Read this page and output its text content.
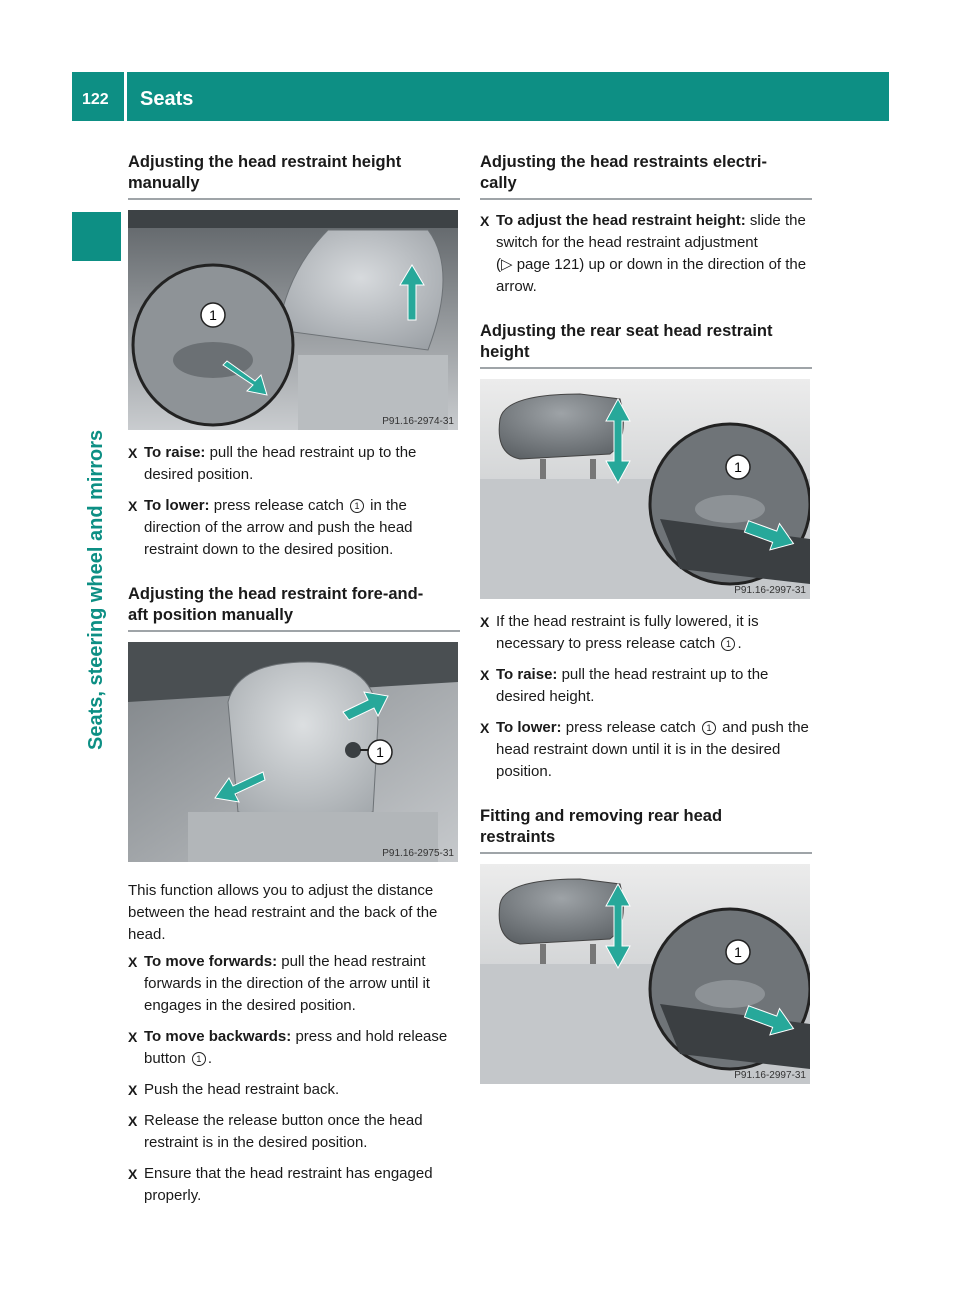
122 Seats
Seats, steering wheel and mirrors
Adjusting the head restraint height
manually
1
P91.16-2974-31
X To raise: pull the head restraint up to the desired position.
X To lower: press release catch 1 in the direction of the arrow and push the head restraint down to the desired position.
Adjusting the head restraint fore-and-
aft position manually
1
P91.16-2975-31

This function allows you to adjust the distance between the head restraint and the back of the head.

X To move forwards: pull the head restraint forwards in the direction of the arrow until it engages in the desired position.
X To move backwards: press and hold release button 1 .
X Push the head restraint back.
X Release the release button once the head restraint is in the desired position.
X Ensure that the head restraint has engaged properly.
Adjusting the head restraints electri-
cally
X To adjust the head restraint height: slide the switch for the head restraint adjustment (▷ page 121) up or down in the direction of the arrow.
Adjusting the rear seat head restraint
height
1
P91.16-2997-31
X If the head restraint is fully lowered, it is necessary to press release catch 1 .
X To raise: pull the head restraint up to the desired height.
X To lower: press release catch 1 and push the head restraint down until it is in the desired position.
Fitting and removing rear head
restraints
1
P91.16-2997-31
